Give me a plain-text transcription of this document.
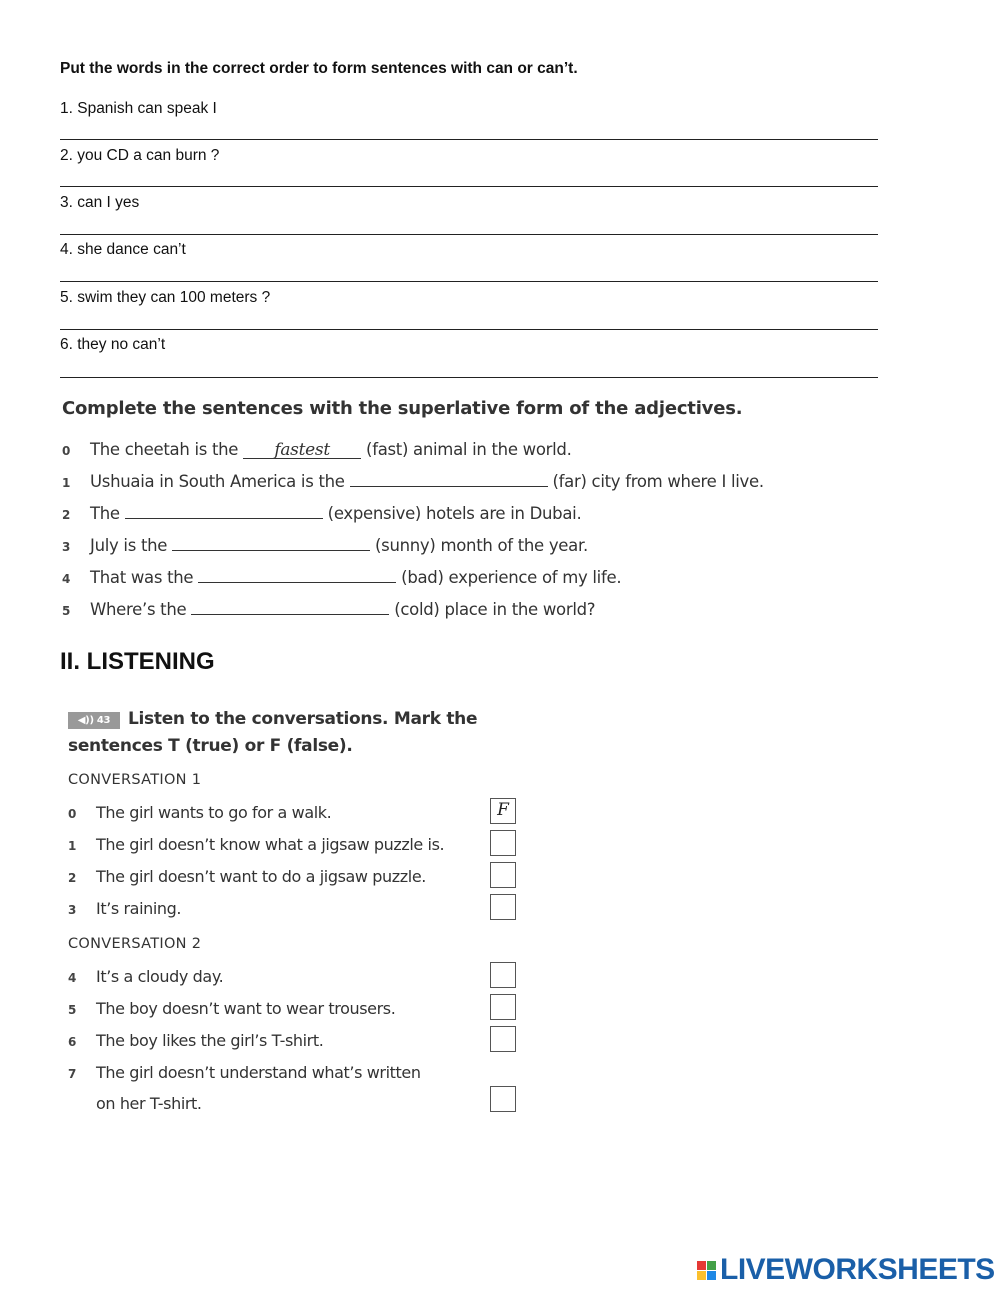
Put the words in the correct order to form sentences with can or can’t.
1. Spanish can speak I
2. you CD a can burn ?
3. can I yes
4. she dance can’t
5. swim they can 100 meters ?
6. they no can’t
Complete the sentences with the superlative form of the adjectives.
0 The cheetah is the fastest (fast) animal in the world.
1 Ushuaia in South America is the	(far) city from where I live.
2 The	(expensive) hotels are in Dubai.
3 July is the	(sunny) month of the year.
4 That was the	(bad) experience of my life.
5 Where’s the	(cold) place in the world?
II. LISTENING
◀)) 43 Listen to the conversations. Mark the
sentences T (true) or F (false).
CONVERSATION 1
0 The girl wants to go for a walk.	F
1 The girl doesn’t know what a jigsaw puzzle is.
2 The girl doesn’t want to do a jigsaw puzzle.
3 It’s raining.
CONVERSATION 2
4 It’s a cloudy day.
5 The boy doesn’t want to wear trousers.
6 The boy likes the girl’s T-shirt.
7 The girl doesn’t understand what’s written
on her T-shirt.
LIVEWORKSHEETS
